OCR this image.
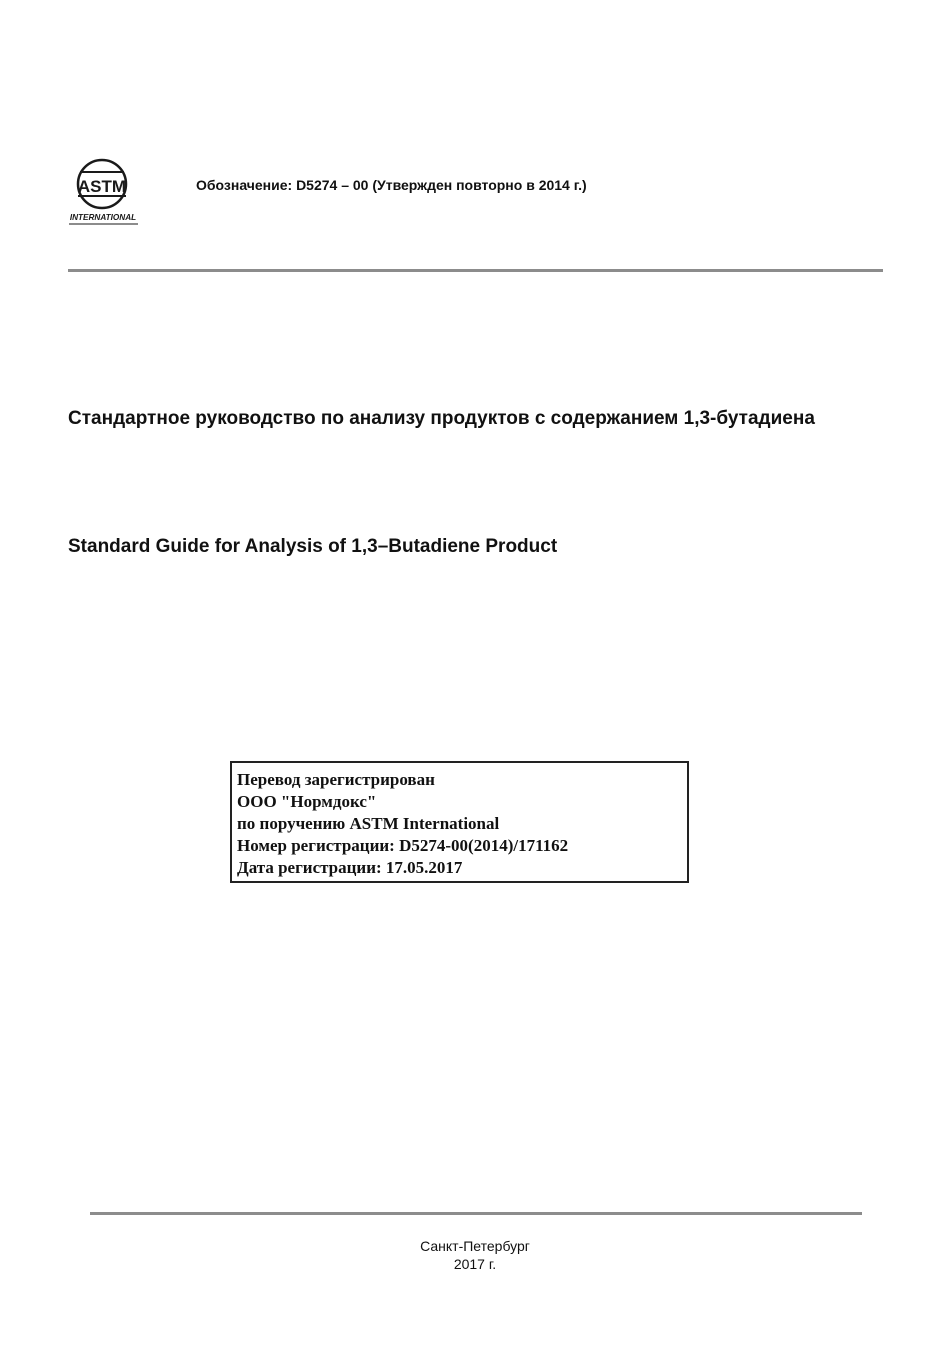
ASTM
INTERNATIONAL
Обозначение: D5274 – 00 (Утвержден повторно в 2014 г.)
Стандартное руководство по анализу продуктов с содержанием 1,3-бутадиена
Standard Guide for Analysis of 1,3–Butadiene Product
Перевод зарегистрирован
ООО "Нормдокс"
по поручению ASTM International
Номер регистрации: D5274-00(2014)/171162
Дата регистрации: 17.05.2017
Санкт-Петербург
2017 г.
